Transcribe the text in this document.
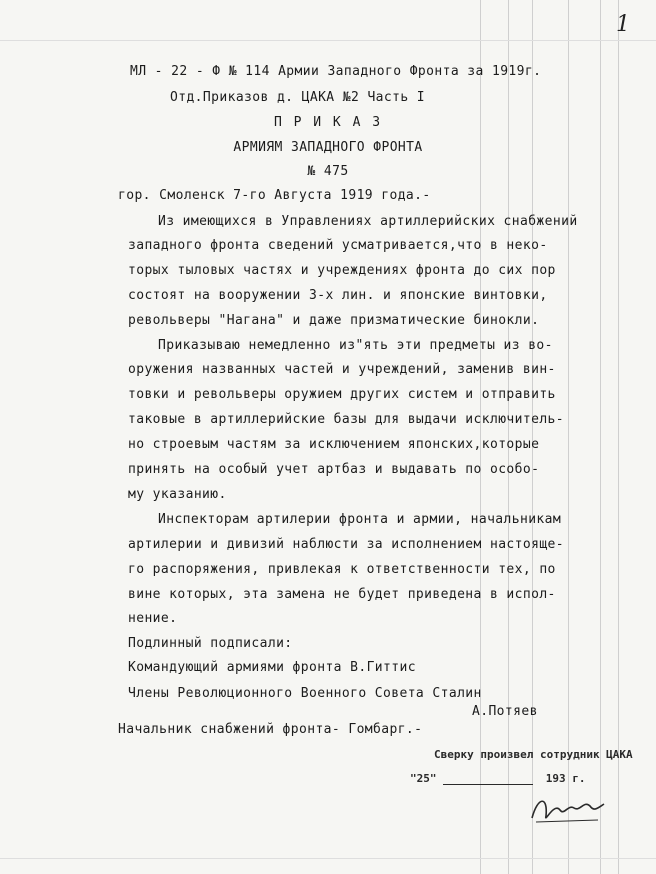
1
МЛ - 22 - Ф № 114 Армии Западного Фронта за 1919г.
Отд.Приказов д. ЦАКА №2 Часть I
П Р И К А З
АРМИЯМ ЗАПАДНОГО ФРОНТА
№ 475
гор. Смоленск 7-го Августа 1919 года.-
Из имеющихся в Управлениях артиллерийских снабжений
западного фронта сведений усматривается,что в неко-
торых тыловых частях и учреждениях фронта до сих пор
состоят на вооружении 3-х лин. и японские винтовки,
револьверы "Нагана" и даже призматические бинокли.
Приказываю немедленно из"ять эти предметы из во-
оружения названных частей и учреждений, заменив вин-
товки и револьверы оружием других систем и отправить
таковые в артиллерийские базы для выдачи исключитель-
но строевым частям за исключением японских,которые
принять на особый учет артбаз и выдавать по особо-
му указанию.
Инспекторам артилерии фронта и армии, начальникам
артилерии и дивизий наблюсти за исполнением настояще-
го распоряжения, привлекая к ответственности тех, по
вине которых, эта замена не будет приведена в испол-
нение.
Подлинный подписали:
Командующий армиями фронта В.Гиттис
Члены Революционного Военного Совета Сталин
А.Потяев
Начальник снабжений фронта- Гомбарг.-
Сверку произвел сотрудник ЦАКА
"25"	193 г.
